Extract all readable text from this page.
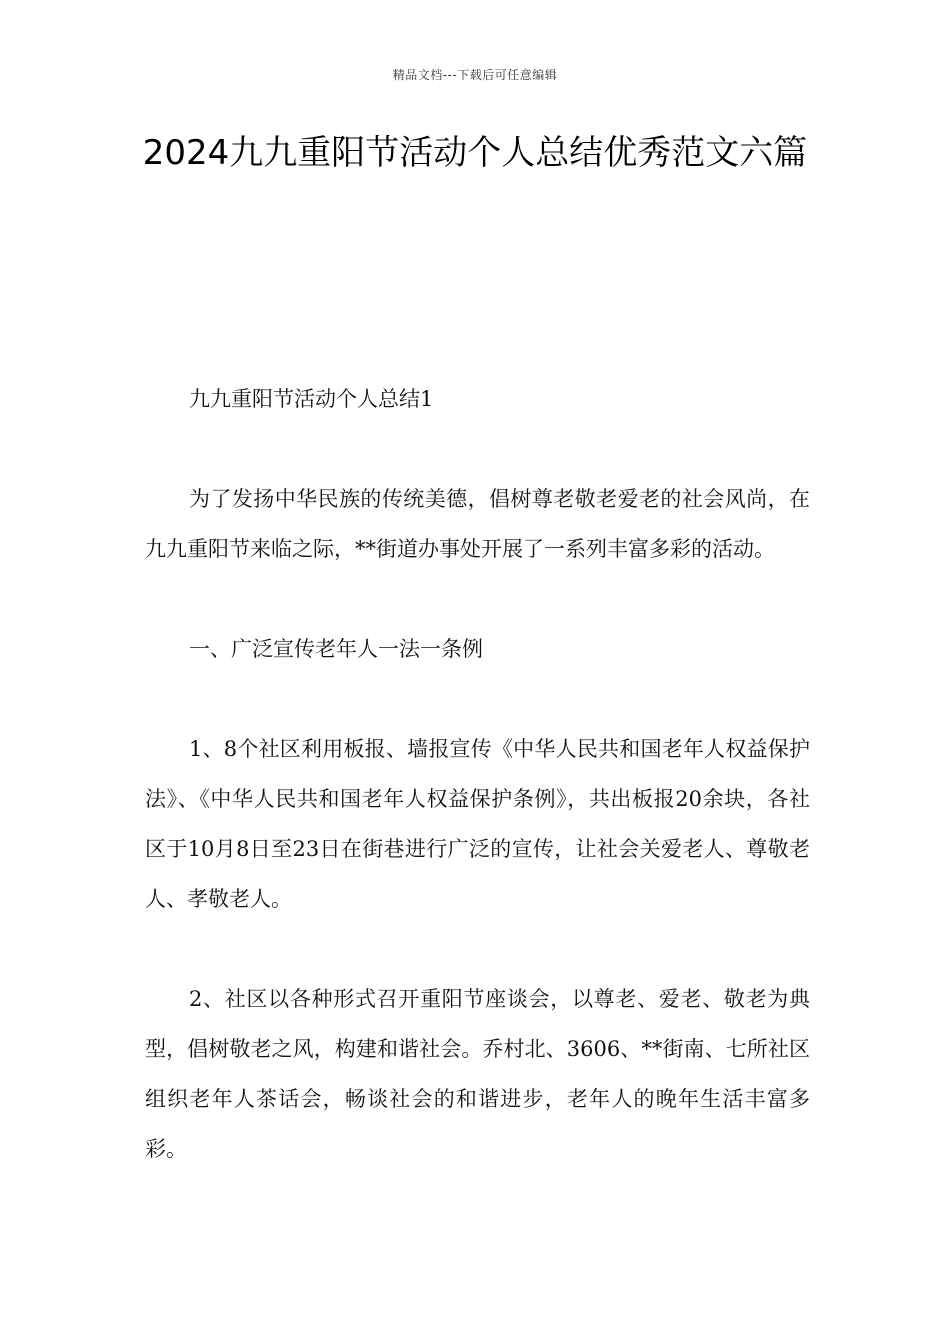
精品文档---下载后可任意编辑
2024九九重阳节活动个人总结优秀范文六篇

九九重阳节活动个人总结1

为了发扬中华民族的传统美德，倡树尊老敬老爱老的社会风尚，在九九重阳节来临之际，**街道办事处开展了一系列丰富多彩的活动。

一、广泛宣传老年人一法一条例

1、8个社区利用板报、墙报宣传《中华人民共和国老年人权益保护法》、《中华人民共和国老年人权益保护条例》，共出板报20余块，各社区于10月8日至23日在街巷进行广泛的宣传，让社会关爱老人、尊敬老人、孝敬老人。

2、社区以各种形式召开重阳节座谈会，以尊老、爱老、敬老为典型，倡树敬老之风，构建和谐社会。乔村北、3606、**街南、七所社区组织老年人茶话会，畅谈社会的和谐进步，老年人的晚年生活丰富多彩。
